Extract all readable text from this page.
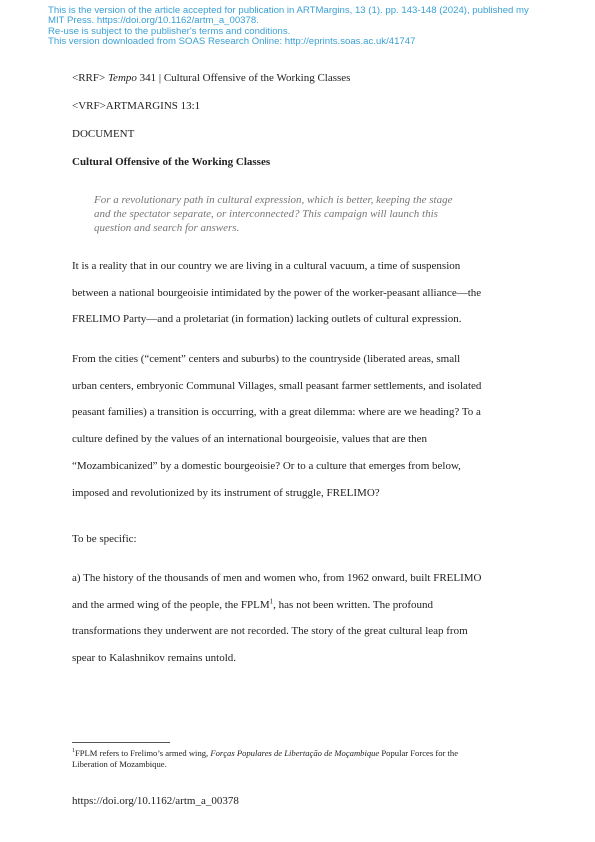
This is the version of the article accepted for publication in ARTMargins, 13 (1). pp. 143-148 (2024), published my
MIT Press. https://doi.org/10.1162/artm_a_00378.
Re-use is subject to the publisher's terms and conditions.
This version downloaded from SOAS Research Online: http://eprints.soas.ac.uk/41747
<RRF> Tempo 341 | Cultural Offensive of the Working Classes
<VRF>ARTMARGINS 13:1
DOCUMENT
Cultural Offensive of the Working Classes
For a revolutionary path in cultural expression, which is better, keeping the stage
and the spectator separate, or interconnected? This campaign will launch this
question and search for answers.
It is a reality that in our country we are living in a cultural vacuum, a time of suspension
between a national bourgeoisie intimidated by the power of the worker-peasant alliance—the
FRELIMO Party—and a proletariat (in formation) lacking outlets of cultural expression.
From the cities (“cement” centers and suburbs) to the countryside (liberated areas, small
urban centers, embryonic Communal Villages, small peasant farmer settlements, and isolated
peasant families) a transition is occurring, with a great dilemma: where are we heading? To a
culture defined by the values of an international bourgeoisie, values that are then
“Mozambicanized” by a domestic bourgeoisie? Or to a culture that emerges from below,
imposed and revolutionized by its instrument of struggle, FRELIMO?
To be specific:
a) The history of the thousands of men and women who, from 1962 onward, built FRELIMO
and the armed wing of the people, the FPLM$^1$, has not been written. The profound
transformations they underwent are not recorded. The story of the great cultural leap from
spear to Kalashnikov remains untold.
$^1$FPLM refers to Frelimo’s armed wing, Forças Populares de Libertação de Moçambique Popular Forces for the
Liberation of Mozambique.
https://doi.org/10.1162/artm_a_00378
